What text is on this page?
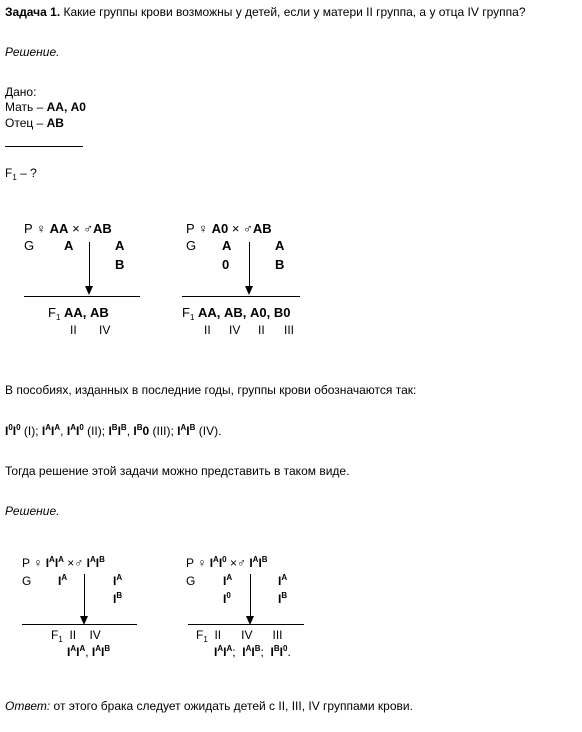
Задача 1. Какие группы крови возможны у детей, если у матери II группа, а у отца IV группа?
Решение.
Дано:
Мать – АА, А0
Отец – АВ
$F_1$ – ?
P ♀ АА × ♂АВ
G А	А
В
$F_1$ АА, АВ
II IV
P ♀ А0 × ♂АВ
G А
0
А
В
$F_1$ АА, АВ, А0, В0
II IV II III
В пособиях, изданных в последние годы, группы крови обозначаются так:
$I^0I^0$ (I); $I^AI^A$, $I^AI^0$ (II); $I^BI^B$, $I^B0$ (III); $I^AI^B$ (IV).
Тогда решение этой задачи можно представить в таком виде.
Решение.
P ♀ $I^AI^A$ ×♂ $I^AI^B$
G $I^A$	$I^A$
$I^B$
$F_1$ II    IV
$I^AI^A$, $I^AI^B$
P ♀ $I^AI^0$ ×♂ $I^AI^B$
G $I^A$
$I^0$
$I^A$
$I^B$
$F_1$ II      IV      III
$I^AI^A$;  $I^AI^B$;  $I^BI^0$.
Ответ: от этого брака следует ожидать детей с II, III, IV группами крови.
